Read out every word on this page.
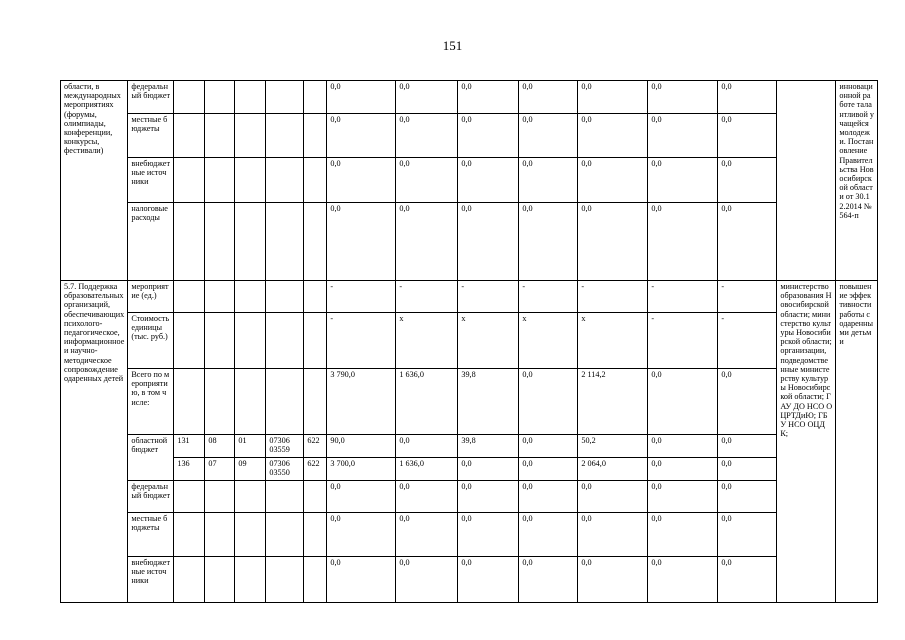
151
области, в международных мероприятиях (форумы, олимпиады, конференции, конкурсы, фестивали)	федеральный бюджет						0,0	0,0	0,0	0,0	0,0	0,0	0,0		инновационной работе талантливой учащейся молодежи. Постановление Правительства Новосибирской области от 30.12.2014 № 564-п
	местные бюджеты						0,0	0,0	0,0	0,0	0,0	0,0	0,0		
	внебюджетные источники						0,0	0,0	0,0	0,0	0,0	0,0	0,0		
	налоговые расходы						0,0	0,0	0,0	0,0	0,0	0,0	0,0		
5.7. Поддержка образовательных организаций, обеспечивающих психолого-педагогическое, информационное и научно-методическое сопровождение одаренных детей	мероприятие (ед.)						-	-	-	-	-	-	-	министерство образования Новосибирской области; министерство культуры Новосибирской области; организации, подведомственные министерству культуры Новосибирской области; ГАУ ДО НСО ОЦРТДиЮ; ГБУ НСО ОЦДК;	повышение эффективности работы с одаренными детьми
	Стоимость единицы (тыс. руб.)						-	x	x	x	x	-	-		
	Всего по мероприятию, в том числе:						3 790,0	1 636,0	39,8	0,0	2 114,2	0,0	0,0		
	областной бюджет	131	08	01	07306 03559	622	90,0	0,0	39,8	0,0	50,2	0,0	0,0		
		136	07	09	07306 03550	622	3 700,0	1 636,0	0,0	0,0	2 064,0	0,0	0,0		
	федеральный бюджет						0,0	0,0	0,0	0,0	0,0	0,0	0,0		
	местные бюджеты						0,0	0,0	0,0	0,0	0,0	0,0	0,0		
	внебюджетные источники						0,0	0,0	0,0	0,0	0,0	0,0	0,0		
